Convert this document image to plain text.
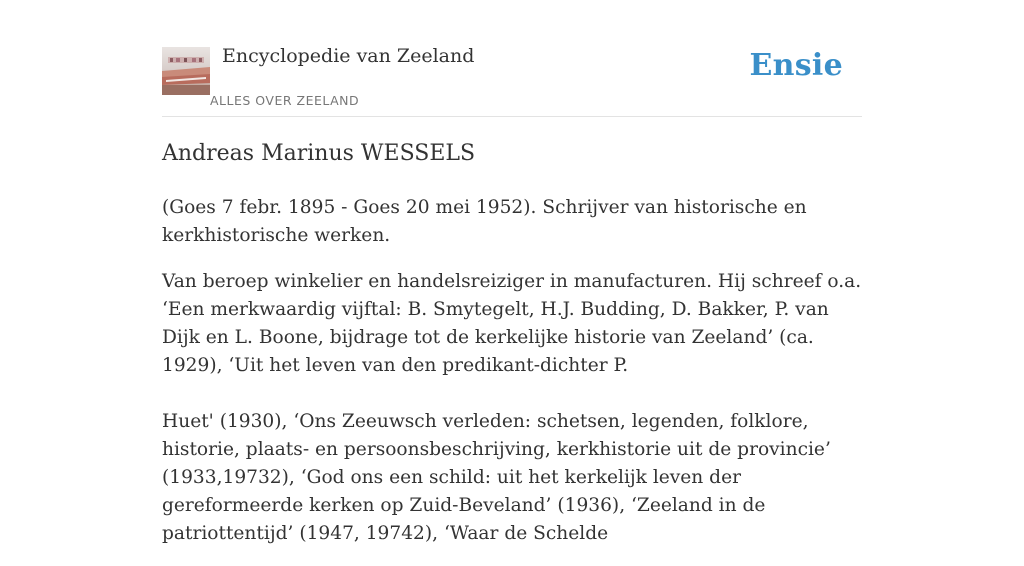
Encyclopedie van Zeeland
ALLES OVER ZEELAND
Ensie
Andreas Marinus WESSELS

(Goes 7 febr. 1895 - Goes 20 mei 1952). Schrijver van historische en kerkhistorische werken.

Van beroep winkelier en handelsreiziger in manufacturen. Hij schreef o.a. ‘Een merkwaardig vijftal: B. Smytegelt, H.J. Budding, D. Bakker, P. van Dijk en L. Boone, bijdrage tot de kerkelijke historie van Zeeland’ (ca. 1929), ‘Uit het leven van den predikant-dichter P.

Huet' (1930), ‘Ons Zeeuwsch verleden: schetsen, legenden, folklore, historie, plaats- en persoonsbeschrijving, kerkhistorie uit de provincie’ (1933,19732), ‘God ons een schild: uit het kerkelijk leven der gereformeerde kerken op Zuid-Beveland’ (1936), ‘Zeeland in de patriottentijd’ (1947, 19742), ‘Waar de Schelde
